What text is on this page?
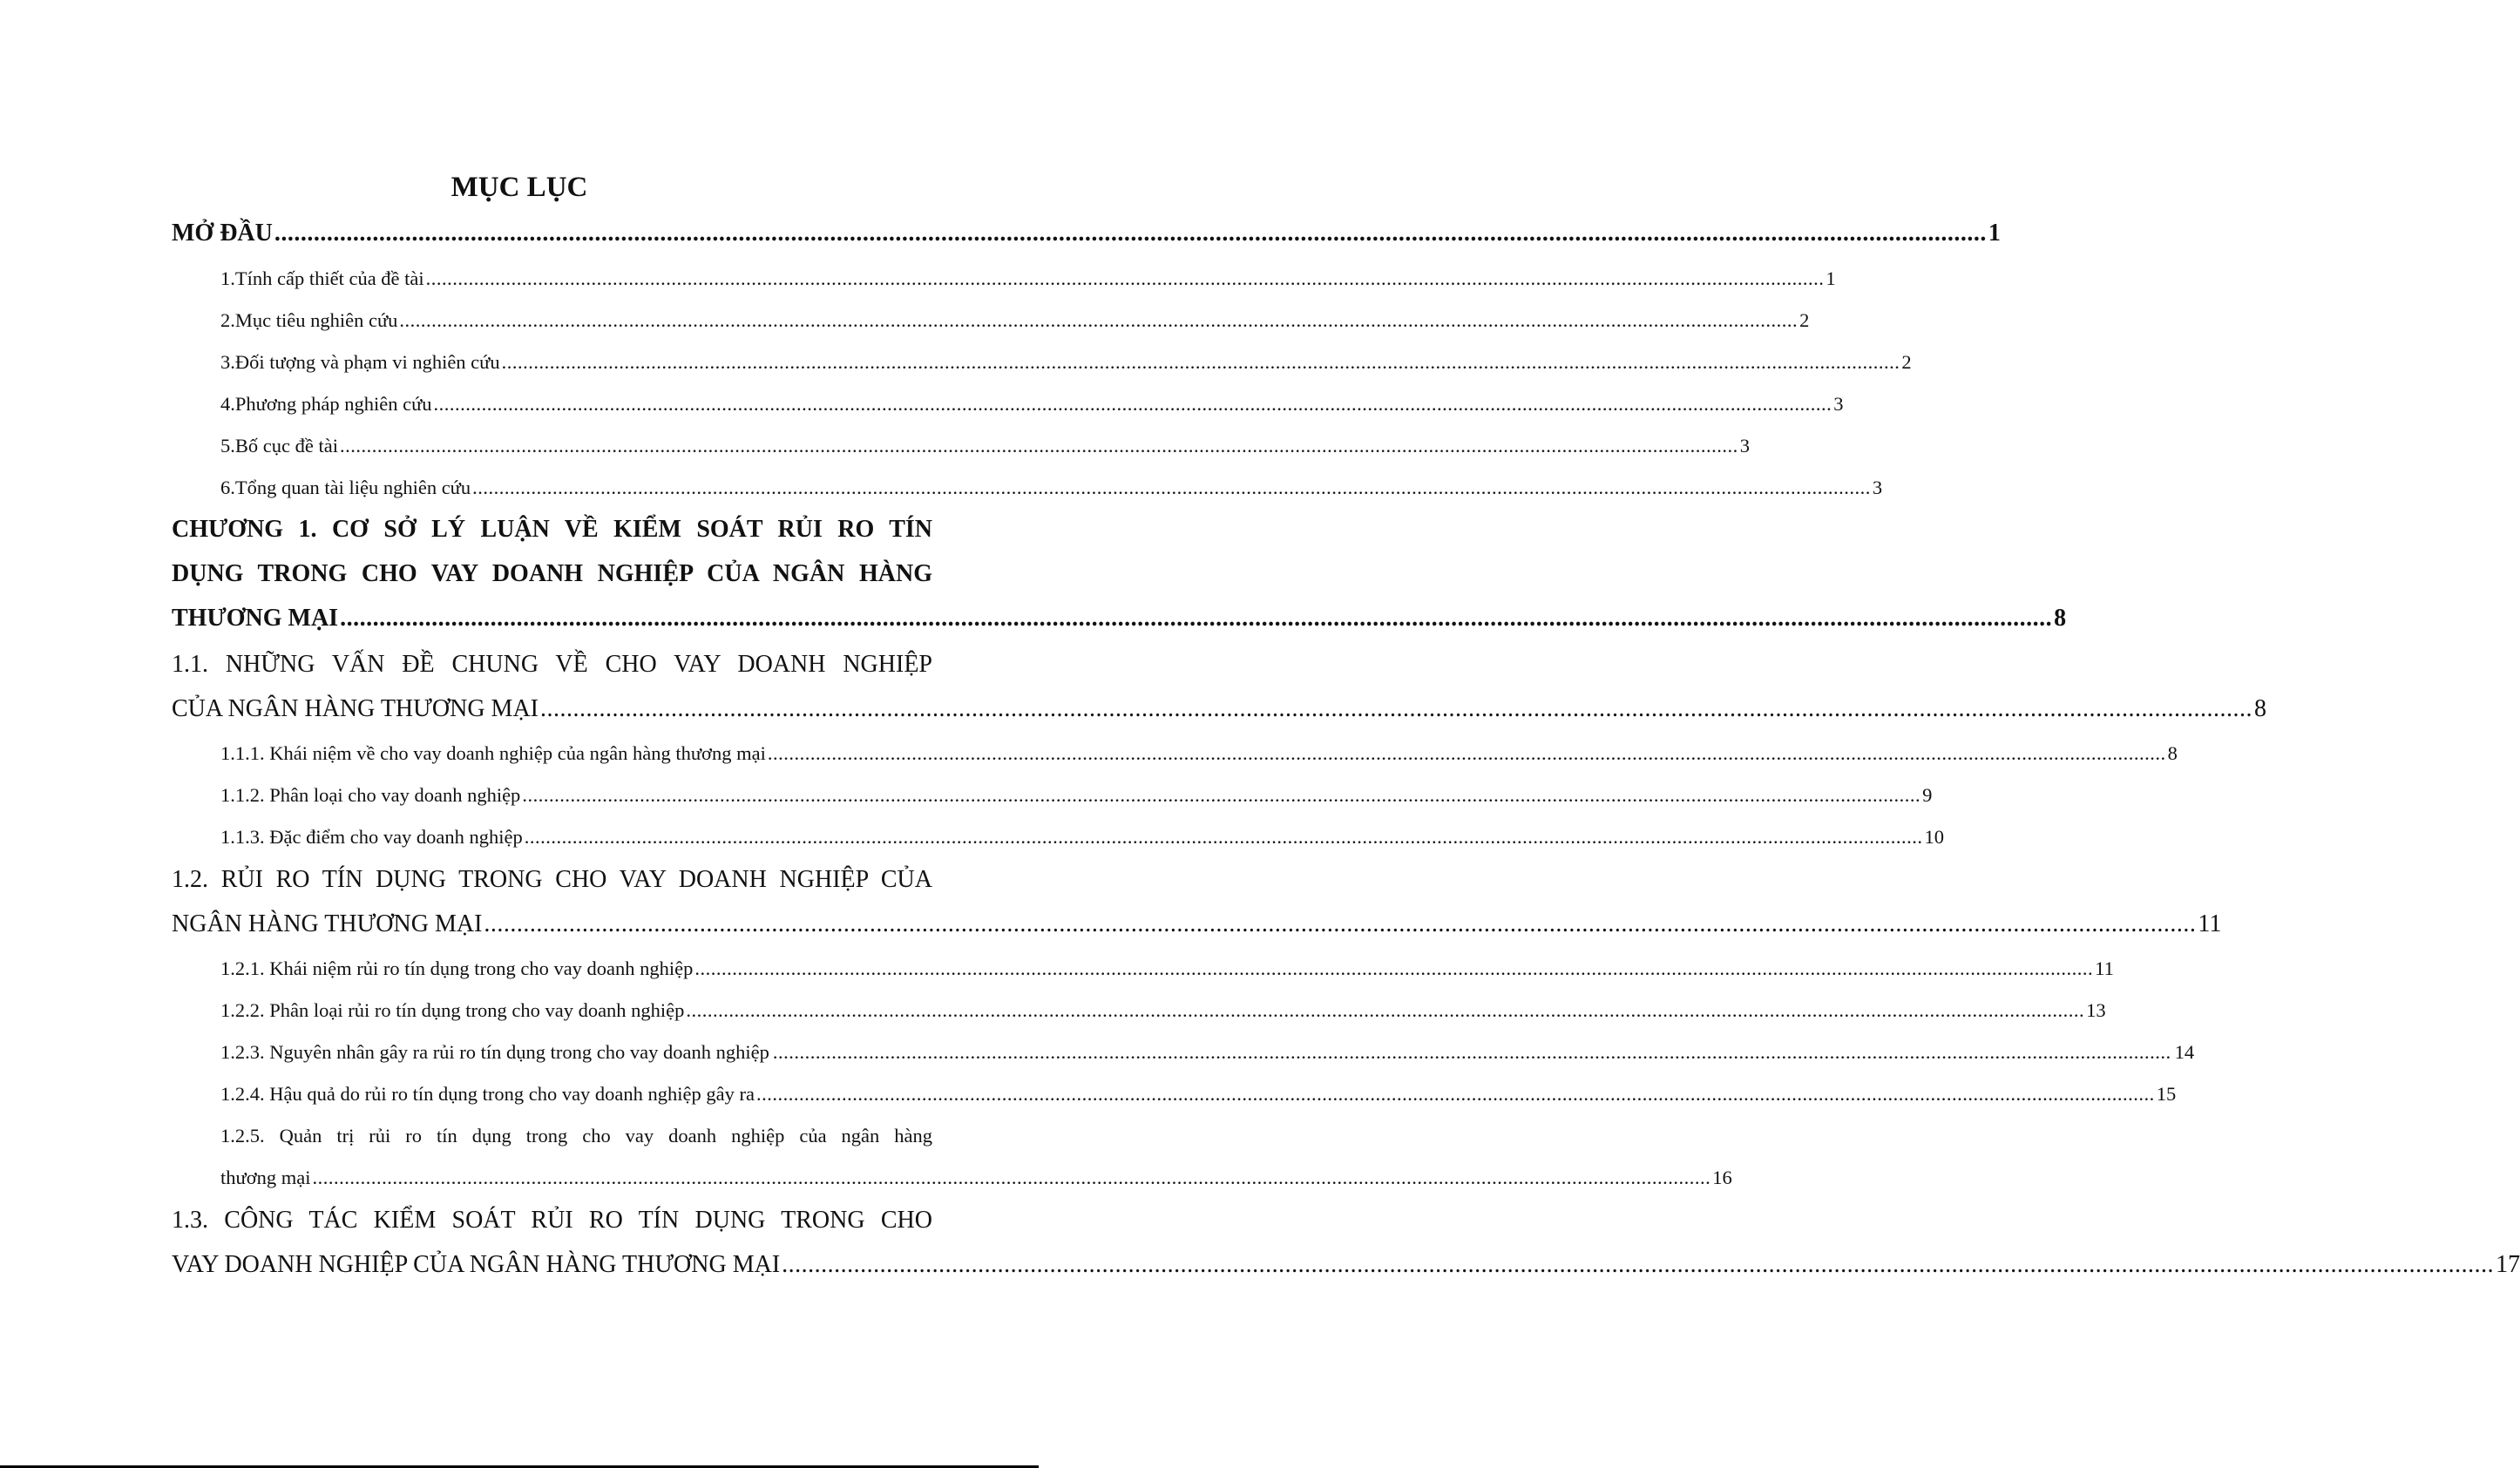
MỤC LỤC
MỞ ĐẦU ...................................................................................................................................................................................................................................................................... 1
1. Tính cấp thiết của đề tài ...................................................................................................................................................................................................................................................................... 1
2. Mục tiêu nghiên cứu ...................................................................................................................................................................................................................................................................... 2
3. Đối tượng và phạm vi nghiên cứu ...................................................................................................................................................................................................................................................................... 2
4. Phương pháp nghiên cứu ...................................................................................................................................................................................................................................................................... 3
5. Bố cục đề tài ...................................................................................................................................................................................................................................................................... 3
6. Tổng quan tài liệu nghiên cứu ...................................................................................................................................................................................................................................................................... 3
CHƯƠNG 1. CƠ SỞ LÝ LUẬN VỀ KIỂM SOÁT RỦI RO TÍN
DỤNG TRONG CHO VAY DOANH NGHIỆP CỦA NGÂN HÀNG
THƯƠNG MẠI ...................................................................................................................................................................................................................................................................... 8
1.1. NHỮNG VẤN ĐỀ CHUNG VỀ CHO VAY DOANH NGHIỆP
CỦA NGÂN HÀNG THƯƠNG MẠI ...................................................................................................................................................................................................................................................................... 8
1.1.1. Khái niệm về cho vay doanh nghiệp của ngân hàng thương mại ...................................................................................................................................................................................................................................................................... 8
1.1.2. Phân loại cho vay doanh nghiệp ...................................................................................................................................................................................................................................................................... 9
1.1.3. Đặc điểm cho vay doanh nghiệp ...................................................................................................................................................................................................................................................................... 10
1.2. RỦI RO TÍN DỤNG TRONG CHO VAY DOANH NGHIỆP CỦA
NGÂN HÀNG THƯƠNG MẠI ...................................................................................................................................................................................................................................................................... 11
1.2.1. Khái niệm rủi ro tín dụng trong cho vay doanh nghiệp ...................................................................................................................................................................................................................................................................... 11
1.2.2. Phân loại rủi ro tín dụng trong cho vay doanh nghiệp ...................................................................................................................................................................................................................................................................... 13
1.2.3. Nguyên nhân gây ra rủi ro tín dụng trong cho vay doanh nghiệp ...................................................................................................................................................................................................................................................................... 14
1.2.4. Hậu quả do rủi ro tín dụng trong cho vay doanh nghiệp gây ra ...................................................................................................................................................................................................................................................................... 15
1.2.5. Quản trị rủi ro tín dụng trong cho vay doanh nghiệp của ngân hàng
thương mại ...................................................................................................................................................................................................................................................................... 16
1.3. CÔNG TÁC KIỂM SOÁT RỦI RO TÍN DỤNG TRONG CHO
VAY DOANH NGHIỆP CỦA NGÂN HÀNG THƯƠNG MẠI ...................................................................................................................................................................................................................................................................... 17
